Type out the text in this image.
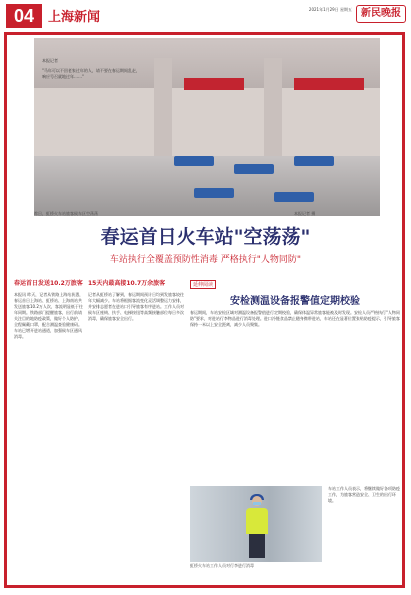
04	上海新闻
2021年1月29日 星期五 新民晚报
本报记者
"马年可以不回老家过年的人，请不要在春运期间乱走，响应号召就地过年……"
昨日，虹桥火车站旅客候车区空荡荡	本报记者 摄
春运首日火车站"空荡荡"
车站执行全覆盖预防性消毒 严格执行"人物同防"
春运首日发送10.2万旅客
本报讯 昨天，记者从铁路上海站获悉，春运首日上海站、虹桥站、上海南站共发送旅客10.2万人次，客流明显低于往年同期。铁路部门提醒旅客，出行前请关注目的地防疫政策，做好个人防护，全程佩戴口罩，配合测温查验健康码。车站已增开进站通道，加强候车区通风消毒。
15天内最高接10.7万余旅客
记者从虹桥站了解到，春运期间预计日均到发旅客较往年大幅减少。车站将根据客流变化灵活调整运力安排，并安排志愿者在进站口引导旅客有序进站。工作人员对候车区座椅、扶手、电梯按钮等高频接触部位每日多次消毒，确保旅客安全出行。
延伸阅读
安检测温设备报警值定期校验
春运期间，车站安检区域对测温设备报警值进行定期校验，确保体温异常旅客能被及时发现。安检人员严格执行"人物同防"要求，对进站行李物品进行消毒处理。进口冷链食品禁止随身携带进站，车站还在显著位置张贴防疫提示，引导旅客保持一米以上安全距离，减少人员聚集。
虹桥火车站工作人员对行李进行消毒
车站工作人员表示，将继续做好各项防疫工作，为旅客营造安全、卫生的出行环境。
